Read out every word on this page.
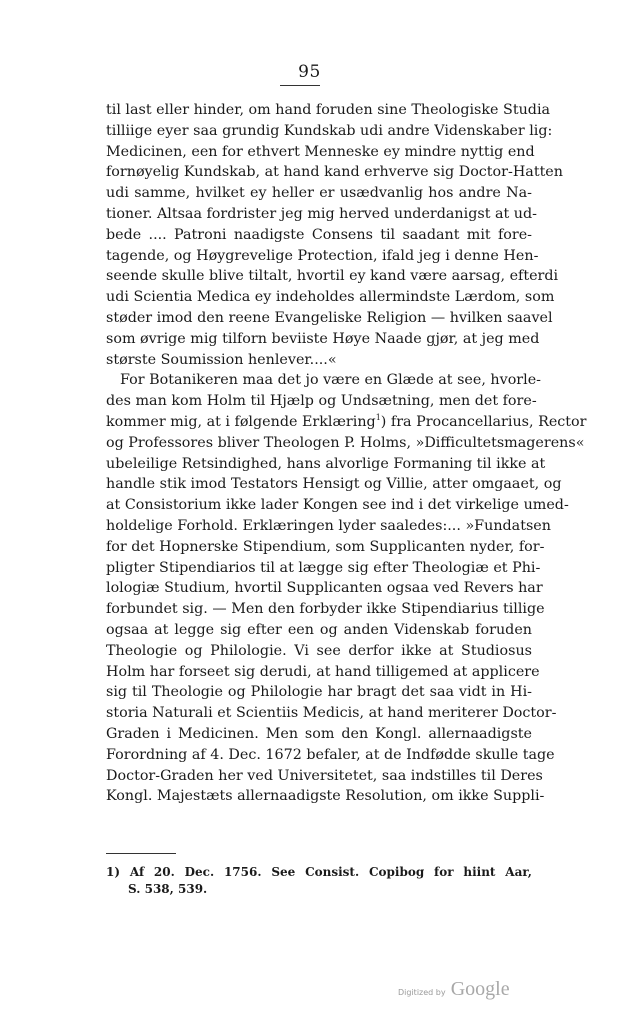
95
til last eller hinder, om hand foruden sine Theologiske Studia
tilliige eyer saa grundig Kundskab udi andre Videnskaber lig:
Medicinen, een for ethvert Menneske ey mindre nyttig end
fornøyelig Kundskab, at hand kand erhverve sig Doctor-Hatten
udi samme, hvilket ey heller er usædvanlig hos andre Na-
tioner. Altsaa fordrister jeg mig herved underdanigst at ud-
bede .... Patroni naadigste Consens til saadant mit fore-
tagende, og Høygrevelige Protection, ifald jeg i denne Hen-
seende skulle blive tiltalt, hvortil ey kand være aarsag, efterdi
udi Scientia Medica ey indeholdes allermindste Lærdom, som
støder imod den reene Evangeliske Religion — hvilken saavel
som øvrige mig tilforn beviiste Høye Naade gjør, at jeg med
største Soumission henlever....«
For Botanikeren maa det jo være en Glæde at see, hvorle-
des man kom Holm til Hjælp og Undsætning, men det fore-
kommer mig, at i følgende Erklæring$^1$) fra Procancellarius, Rector
og Professores bliver Theologen P. Holms, »Difficultetsmagerens«
ubeleilige Retsindighed, hans alvorlige Formaning til ikke at
handle stik imod Testators Hensigt og Villie, atter omgaaet, og
at Consistorium ikke lader Kongen see ind i det virkelige umed-
holdelige Forhold. Erklæringen lyder saaledes:... »Fundatsen
for det Hopnerske Stipendium, som Supplicanten nyder, for-
pligter Stipendiarios til at lægge sig efter Theologiæ et Phi-
lologiæ Studium, hvortil Supplicanten ogsaa ved Revers har
forbundet sig. — Men den forbyder ikke Stipendiarius tillige
ogsaa at legge sig efter een og anden Videnskab foruden
Theologie og Philologie. Vi see derfor ikke at Studiosus
Holm har forseet sig derudi, at hand tilligemed at applicere
sig til Theologie og Philologie har bragt det saa vidt in Hi-
storia Naturali et Scientiis Medicis, at hand meriterer Doctor-
Graden i Medicinen. Men som den Kongl. allernaadigste
Forordning af 4. Dec. 1672 befaler, at de Indfødde skulle tage
Doctor-Graden her ved Universitetet, saa indstilles til Deres
Kongl. Majestæts allernaadigste Resolution, om ikke Suppli-
1) Af 20. Dec. 1756. See Consist. Copibog for hiint Aar,
S. 538, 539.
Digitized by Google
